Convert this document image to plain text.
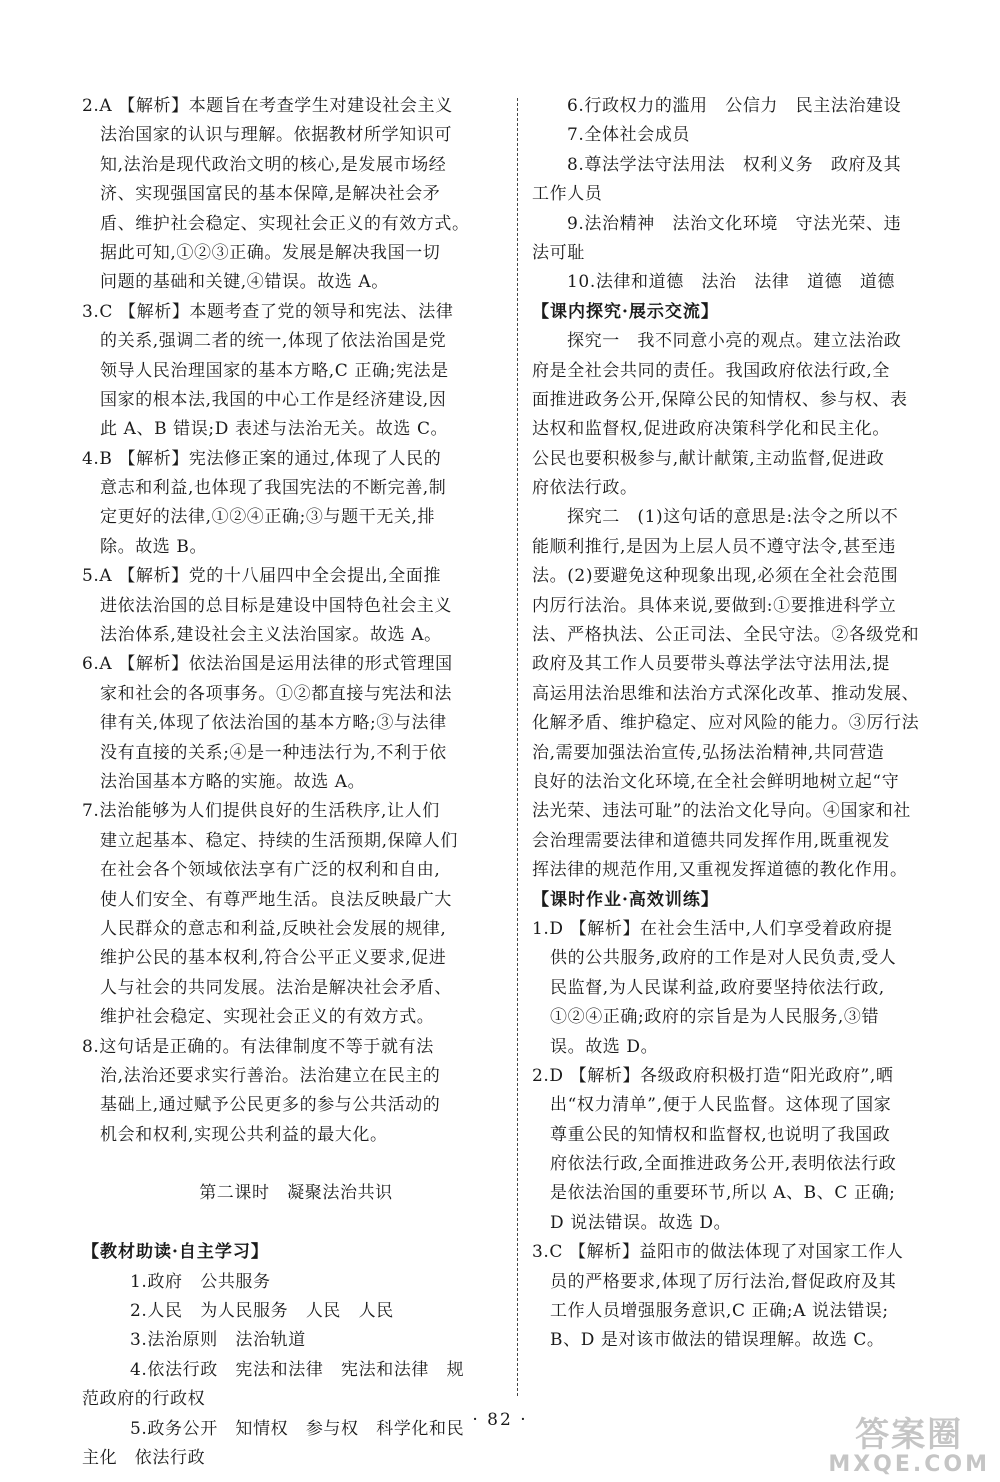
2.A 【解析】本题旨在考查学生对建设社会主义
法治国家的认识与理解。依据教材所学知识可
知,法治是现代政治文明的核心,是发展市场经
济、实现强国富民的基本保障,是解决社会矛
盾、维护社会稳定、实现社会正义的有效方式。
据此可知,①②③正确。发展是解决我国一切
问题的基础和关键,④错误。故选 A。
3.C 【解析】本题考查了党的领导和宪法、法律
的关系,强调二者的统一,体现了依法治国是党
领导人民治理国家的基本方略,C 正确;宪法是
国家的根本法,我国的中心工作是经济建设,因
此 A、B 错误;D 表述与法治无关。故选 C。
4.B 【解析】宪法修正案的通过,体现了人民的
意志和利益,也体现了我国宪法的不断完善,制
定更好的法律,①②④正确;③与题干无关,排
除。故选 B。
5.A 【解析】党的十八届四中全会提出,全面推
进依法治国的总目标是建设中国特色社会主义
法治体系,建设社会主义法治国家。故选 A。
6.A 【解析】依法治国是运用法律的形式管理国
家和社会的各项事务。①②都直接与宪法和法
律有关,体现了依法治国的基本方略;③与法律
没有直接的关系;④是一种违法行为,不利于依
法治国基本方略的实施。故选 A。
7.法治能够为人们提供良好的生活秩序,让人们
建立起基本、稳定、持续的生活预期,保障人们
在社会各个领域依法享有广泛的权利和自由,
使人们安全、有尊严地生活。良法反映最广大
人民群众的意志和利益,反映社会发展的规律,
维护公民的基本权利,符合公平正义要求,促进
人与社会的共同发展。法治是解决社会矛盾、
维护社会稳定、实现社会正义的有效方式。
8.这句话是正确的。有法律制度不等于就有法
治,法治还要求实行善治。法治建立在民主的
基础上,通过赋予公民更多的参与公共活动的
机会和权利,实现公共利益的最大化。
第二课时　凝聚法治共识
【教材助读·自主学习】
1.政府　公共服务
2.人民　为人民服务　人民　人民
3.法治原则　法治轨道
4.依法行政　宪法和法律　宪法和法律　规
范政府的行政权
5.政务公开　知情权　参与权　科学化和民
主化　依法行政
6.行政权力的滥用　公信力　民主法治建设
7.全体社会成员
8.尊法学法守法用法　权利义务　政府及其
工作人员
9.法治精神　法治文化环境　守法光荣、违
法可耻
10.法律和道德　法治　法律　道德　道德
【课内探究·展示交流】
探究一　我不同意小亮的观点。建立法治政
府是全社会共同的责任。我国政府依法行政,全
面推进政务公开,保障公民的知情权、参与权、表
达权和监督权,促进政府决策科学化和民主化。
公民也要积极参与,献计献策,主动监督,促进政
府依法行政。
探究二　(1)这句话的意思是:法令之所以不
能顺利推行,是因为上层人员不遵守法令,甚至违
法。(2)要避免这种现象出现,必须在全社会范围
内厉行法治。具体来说,要做到:①要推进科学立
法、严格执法、公正司法、全民守法。②各级党和
政府及其工作人员要带头尊法学法守法用法,提
高运用法治思维和法治方式深化改革、推动发展、
化解矛盾、维护稳定、应对风险的能力。③厉行法
治,需要加强法治宣传,弘扬法治精神,共同营造
良好的法治文化环境,在全社会鲜明地树立起“守
法光荣、违法可耻”的法治文化导向。④国家和社
会治理需要法律和道德共同发挥作用,既重视发
挥法律的规范作用,又重视发挥道德的教化作用。
【课时作业·高效训练】
1.D 【解析】在社会生活中,人们享受着政府提
供的公共服务,政府的工作是对人民负责,受人
民监督,为人民谋利益,政府要坚持依法行政,
①②④正确;政府的宗旨是为人民服务,③错
误。故选 D。
2.D 【解析】各级政府积极打造“阳光政府”,晒
出“权力清单”,便于人民监督。这体现了国家
尊重公民的知情权和监督权,也说明了我国政
府依法行政,全面推进政务公开,表明依法行政
是依法治国的重要环节,所以 A、B、C 正确;
D 说法错误。故选 D。
3.C 【解析】益阳市的做法体现了对国家工作人
员的严格要求,体现了厉行法治,督促政府及其
工作人员增强服务意识,C 正确;A 说法错误;
B、D 是对该市做法的错误理解。故选 C。
· 82 ·	答案圈
MXQE.COM
